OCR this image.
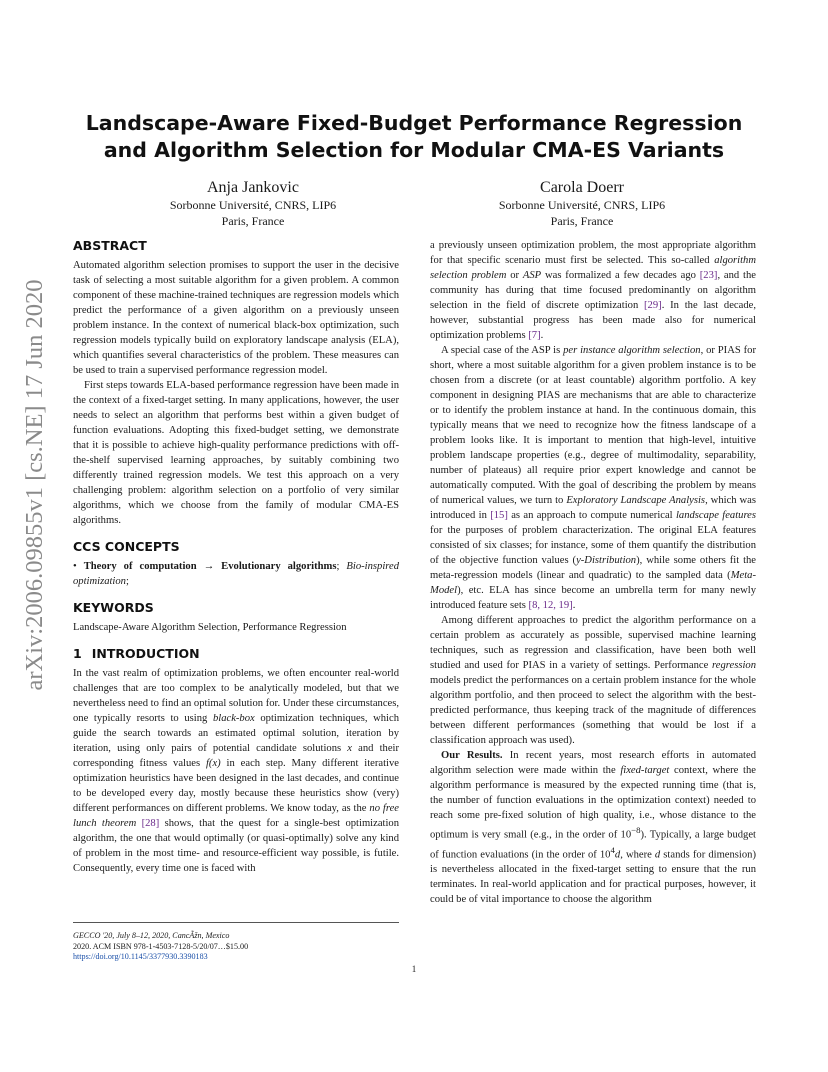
arXiv:2006.09855v1 [cs.NE] 17 Jun 2020
Landscape-Aware Fixed-Budget Performance Regression
and Algorithm Selection for Modular CMA-ES Variants
Anja Jankovic
Sorbonne Université, CNRS, LIP6
Paris, France
Carola Doerr
Sorbonne Université, CNRS, LIP6
Paris, France
ABSTRACT

Automated algorithm selection promises to support the user in the decisive task of selecting a most suitable algorithm for a given problem. A common component of these machine-trained techniques are regression models which predict the performance of a given algorithm on a previously unseen problem instance. In the context of numerical black-box optimization, such regression models typically build on exploratory landscape analysis (ELA), which quantifies several characteristics of the problem. These measures can be used to train a supervised performance regression model.

First steps towards ELA-based performance regression have been made in the context of a fixed-target setting. In many applications, however, the user needs to select an algorithm that performs best within a given budget of function evaluations. Adopting this fixed-budget setting, we demonstrate that it is possible to achieve high-quality performance predictions with off-the-shelf supervised learning approaches, by suitably combining two differently trained regression models. We test this approach on a very challenging problem: algorithm selection on a portfolio of very similar algorithms, which we choose from the family of modular CMA-ES algorithms.

CCS CONCEPTS

• Theory of computation → Evolutionary algorithms; Bio-inspired optimization;

KEYWORDS

Landscape-Aware Algorithm Selection, Performance Regression

1 INTRODUCTION

In the vast realm of optimization problems, we often encounter real-world challenges that are too complex to be analytically modeled, but that we nevertheless need to find an optimal solution for. Under these circumstances, one typically resorts to using black-box optimization techniques, which guide the search towards an estimated optimal solution, iteration by iteration, using only pairs of potential candidate solutions x and their corresponding fitness values f(x) in each step. Many different iterative optimization heuristics have been designed in the last decades, and continue to be developed every day, mostly because these heuristics show (very) different performances on different problems. We know today, as the no free lunch theorem [28] shows, that the quest for a single-best optimization algorithm, the one that would optimally (or quasi-optimally) solve any kind of problem in the most time- and resource-efficient way possible, is futile. Consequently, every time one is faced with

a previously unseen optimization problem, the most appropriate algorithm for that specific scenario must first be selected. This so-called algorithm selection problem or ASP was formalized a few decades ago [23], and the community has during that time focused predominantly on algorithm selection in the field of discrete optimization [29]. In the last decade, however, substantial progress has been made also for numerical optimization problems [7].

A special case of the ASP is per instance algorithm selection, or PIAS for short, where a most suitable algorithm for a given problem instance is to be chosen from a discrete (or at least countable) algorithm portfolio. A key component in designing PIAS are mechanisms that are able to characterize or to identify the problem instance at hand. In the continuous domain, this typically means that we need to recognize how the fitness landscape of a problem looks like. It is important to mention that high-level, intuitive problem landscape properties (e.g., degree of multimodality, separability, number of plateaus) all require prior expert knowledge and cannot be automatically computed. With the goal of describing the problem by means of numerical values, we turn to Exploratory Landscape Analysis, which was introduced in [15] as an approach to compute numerical landscape features for the purposes of problem characterization. The original ELA features consisted of six classes; for instance, some of them quantify the distribution of the objective function values (y-Distribution), while some others fit the meta-regression models (linear and quadratic) to the sampled data (Meta-Model), etc. ELA has since become an umbrella term for many newly introduced feature sets [8, 12, 19].

Among different approaches to predict the algorithm performance on a certain problem as accurately as possible, supervised machine learning techniques, such as regression and classification, have been both well studied and used for PIAS in a variety of settings. Performance regression models predict the performances on a certain problem instance for the whole algorithm portfolio, and then proceed to select the algorithm with the best-predicted performance, thus keeping track of the magnitude of differences between different performances (something that would be lost if a classification approach was used).

Our Results. In recent years, most research efforts in automated algorithm selection were made within the fixed-target context, where the algorithm performance is measured by the expected running time (that is, the number of function evaluations in the optimization context) needed to reach some pre-fixed solution of high quality, i.e., whose distance to the optimum is very small (e.g., in the order of $10^{-8}$). Typically, a large budget of function evaluations (in the order of $10^4d$, where d stands for dimension) is nevertheless allocated in the fixed-target setting to ensure that the run terminates. In real-world application and for practical purposes, however, it could be of vital importance to choose the algorithm

GECCO '20, July 8–12, 2020, CancÃžn, Mexico
2020. ACM ISBN 978-1-4503-7128-5/20/07…$15.00
https://doi.org/10.1145/3377930.3390183
1
